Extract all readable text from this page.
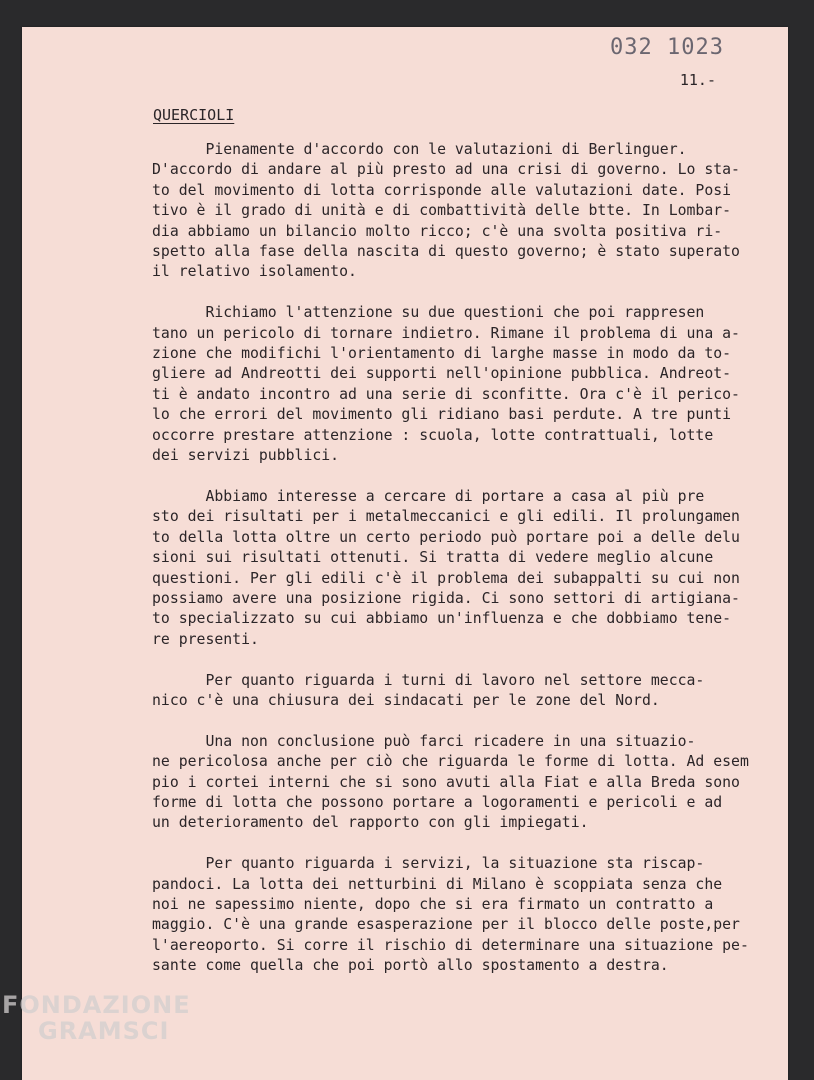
032 1023
11.-
QUERCIOLI
Pienamente d'accordo con le valutazioni di Berlinguer.
D'accordo di andare al più presto ad una crisi di governo. Lo sta-
to del movimento di lotta corrisponde alle valutazioni date. Posi
tivo è il grado di unità e di combattività delle btte. In Lombar-
dia abbiamo un bilancio molto ricco; c'è una svolta positiva ri-
spetto alla fase della nascita di questo governo; è stato superato
il relativo isolamento.
Richiamo l'attenzione su due questioni che poi rappresen
tano un pericolo di tornare indietro. Rimane il problema di una a-
zione che modifichi l'orientamento di larghe masse in modo da to-
gliere ad Andreotti dei supporti nell'opinione pubblica. Andreot-
ti è andato incontro ad una serie di sconfitte. Ora c'è il perico-
lo che errori del movimento gli ridiano basi perdute. A tre punti
occorre prestare attenzione : scuola, lotte contrattuali, lotte
dei servizi pubblici.
Abbiamo interesse a cercare di portare a casa al più pre
sto dei risultati per i metalmeccanici e gli edili. Il prolungamen
to della lotta oltre un certo periodo può portare poi a delle delu
sioni sui risultati ottenuti. Si tratta di vedere meglio alcune
questioni. Per gli edili c'è il problema dei subappalti su cui non
possiamo avere una posizione rigida. Ci sono settori di artigiana-
to specializzato su cui abbiamo un'influenza e che dobbiamo tene-
re presenti.
Per quanto riguarda i turni di lavoro nel settore mecca-
nico c'è una chiusura dei sindacati per le zone del Nord.
Una non conclusione può farci ricadere in una situazio-
ne pericolosa anche per ciò che riguarda le forme di lotta. Ad esem
pio i cortei interni che si sono avuti alla Fiat e alla Breda sono
forme di lotta che possono portare a logoramenti e pericoli e ad
un deterioramento del rapporto con gli impiegati.
Per quanto riguarda i servizi, la situazione sta riscap-
pandoci. La lotta dei netturbini di Milano è scoppiata senza che
noi ne sapessimo niente, dopo che si era firmato un contratto a
maggio. C'è una grande esasperazione per il blocco delle poste,per
l'aereoporto. Si corre il rischio di determinare una situazione pe-
sante come quella che poi portò allo spostamento a destra.
FONDAZIONE
GRAMSCI
